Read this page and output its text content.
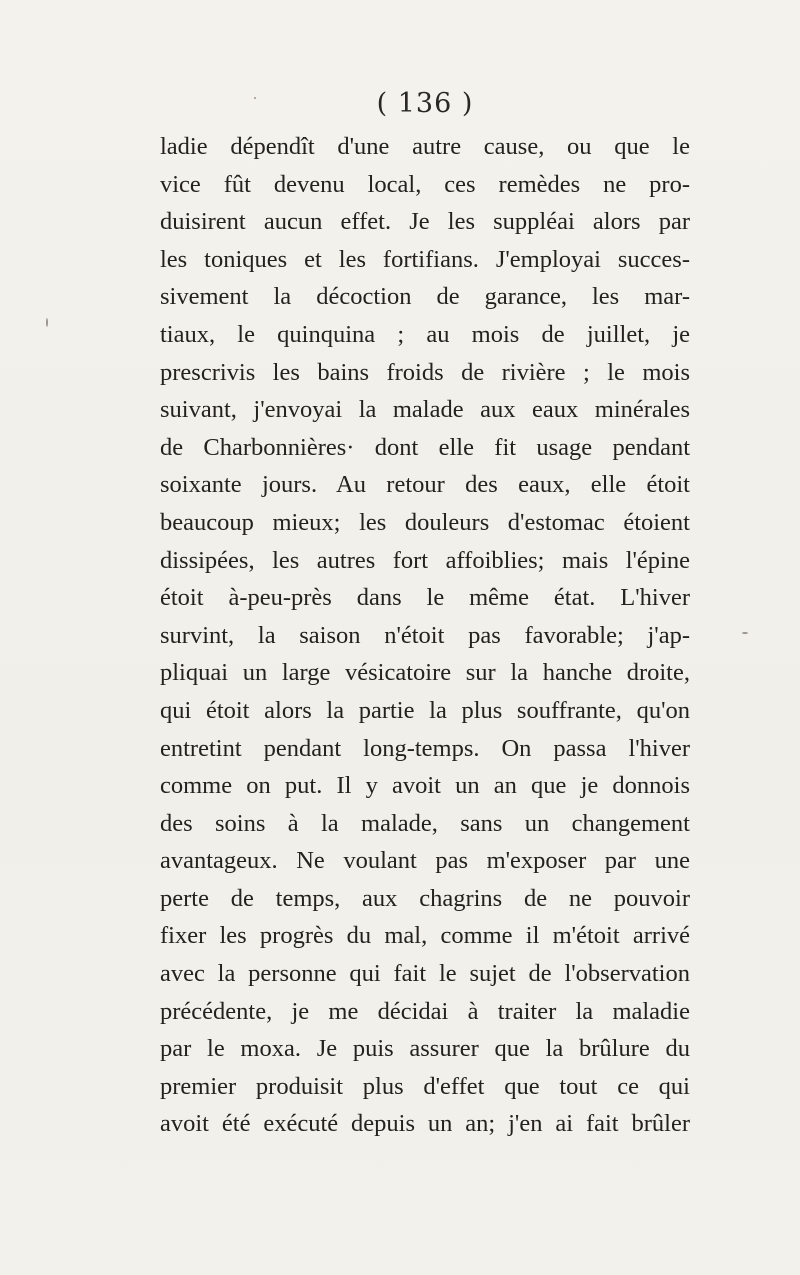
( 136 )
ladie dépendît d'une autre cause, ou que le
vice fût devenu local, ces remèdes ne pro-
duisirent aucun effet. Je les suppléai alors par
les toniques et les fortifians. J'employai succes-
sivement la décoction de garance, les mar-
tiaux, le quinquina ; au mois de juillet, je
prescrivis les bains froids de rivière ; le mois
suivant, j'envoyai la malade aux eaux minérales
de Charbonnières· dont elle fit usage pendant
soixante jours. Au retour des eaux, elle étoit
beaucoup mieux; les douleurs d'estomac étoient
dissipées, les autres fort affoiblies; mais l'épine
étoit à-peu-près dans le même état. L'hiver
survint, la saison n'étoit pas favorable; j'ap-
pliquai un large vésicatoire sur la hanche droite,
qui étoit alors la partie la plus souffrante, qu'on
entretint pendant long-temps. On passa l'hiver
comme on put. Il y avoit un an que je donnois
des soins à la malade, sans un changement
avantageux. Ne voulant pas m'exposer par une
perte de temps, aux chagrins de ne pouvoir
fixer les progrès du mal, comme il m'étoit arrivé
avec la personne qui fait le sujet de l'observation
précédente, je me décidai à traiter la maladie
par le moxa. Je puis assurer que la brûlure du
premier produisit plus d'effet que tout ce qui
avoit été exécuté depuis un an; j'en ai fait brûler
